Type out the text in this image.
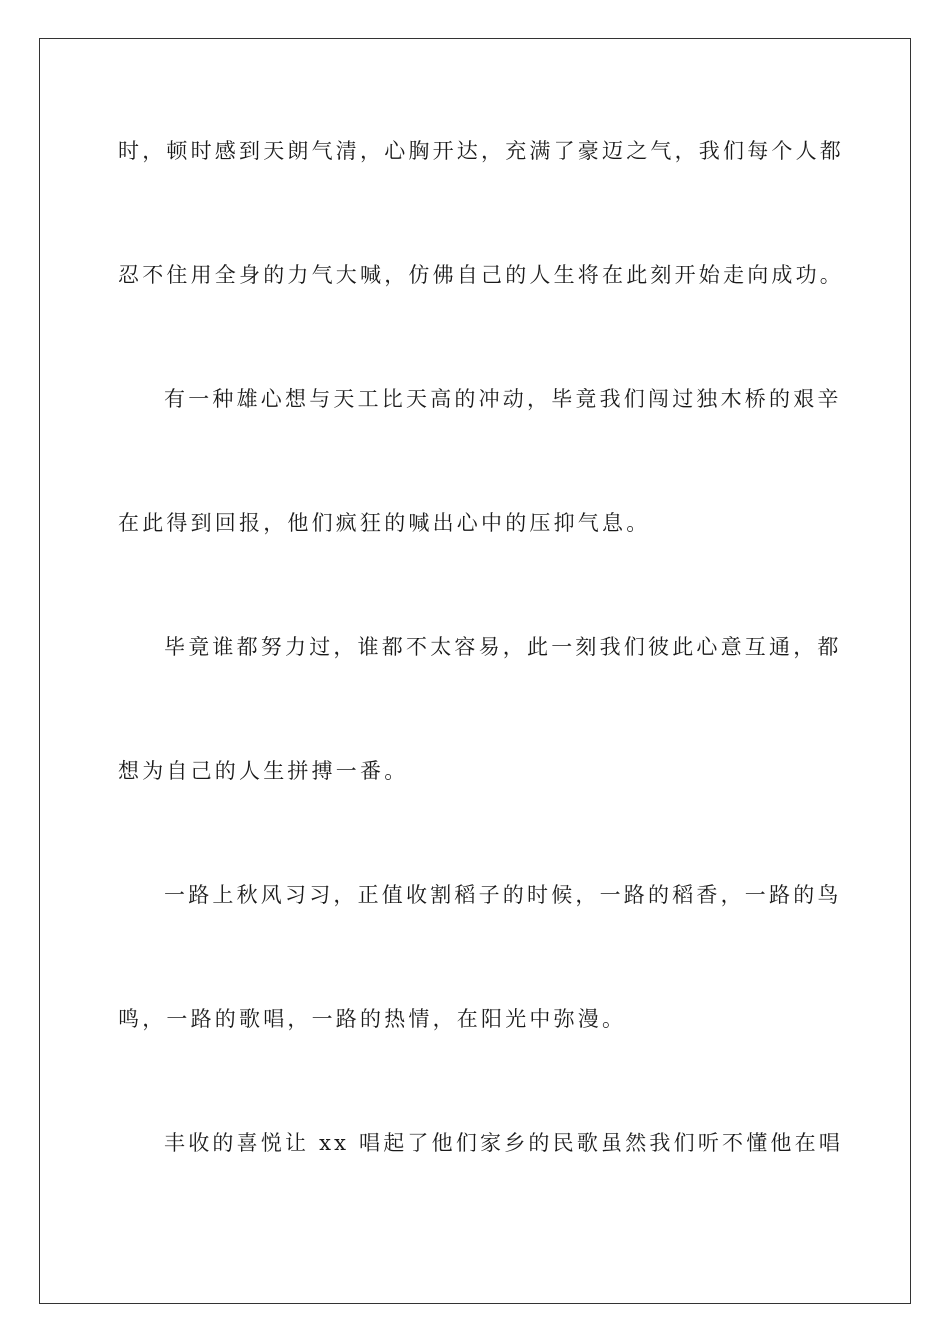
时，顿时感到天朗气清，心胸开达，充满了豪迈之气，我们每个人都
忍不住用全身的力气大喊，仿佛自己的人生将在此刻开始走向成功。
有一种雄心想与天工比天高的冲动，毕竟我们闯过独木桥的艰辛
在此得到回报，他们疯狂的喊出心中的压抑气息。
毕竟谁都努力过，谁都不太容易，此一刻我们彼此心意互通，都
想为自己的人生拼搏一番。
一路上秋风习习，正值收割稻子的时候，一路的稻香，一路的鸟
鸣，一路的歌唱，一路的热情，在阳光中弥漫。
丰收的喜悦让 xx 唱起了他们家乡的民歌虽然我们听不懂他在唱
